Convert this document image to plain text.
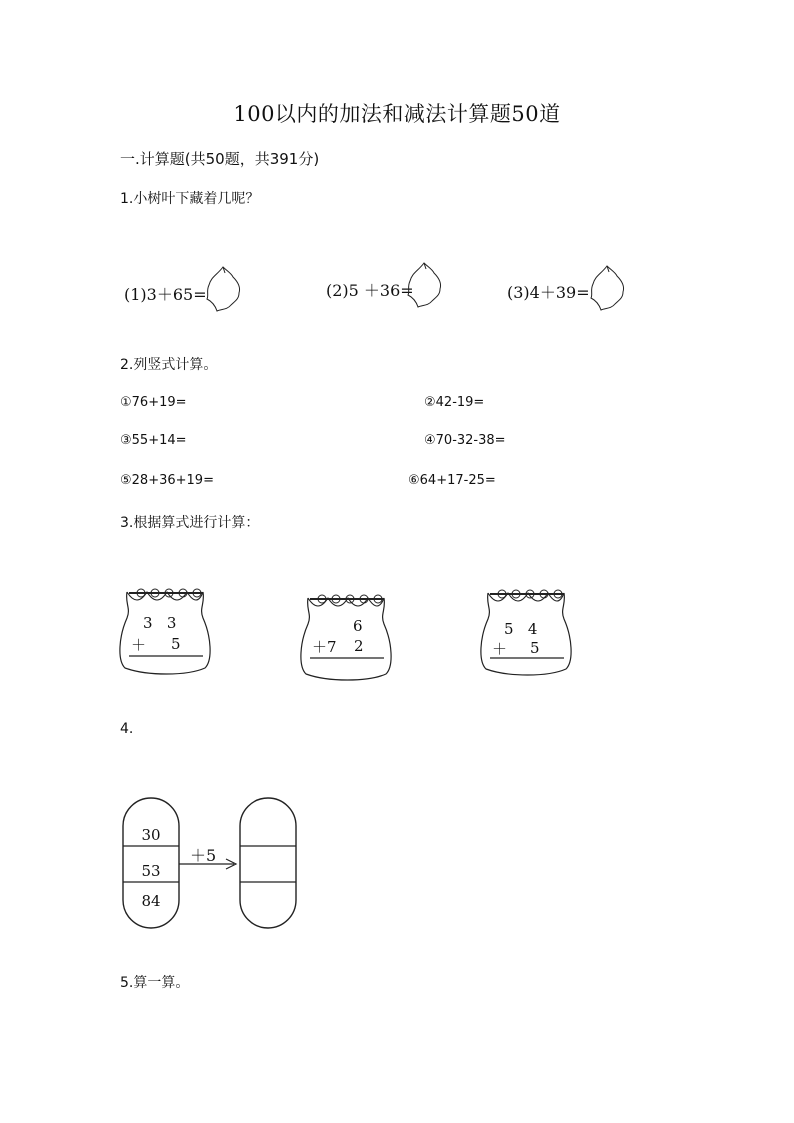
100以内的加法和减法计算题50道
一.计算题(共50题，共391分)
1.小树叶下藏着几呢？
(1)3＋65=	(2)5 ＋36=	(3)4＋39=
2.列竖式计算。
①76+19=	②42-19=
③55+14=	④70-32-38=
⑤28+36+19=	⑥64+17-25=
3.根据算式进行计算：
3   3
＋ 5
6
＋7 2
5   4
＋ 5
4.
30
53
84
＋5
5.算一算。
